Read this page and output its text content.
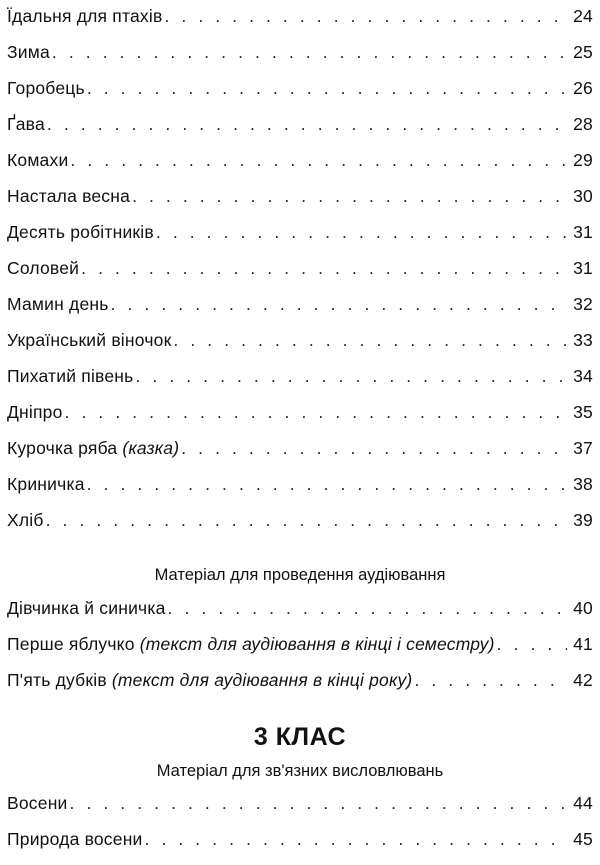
Їдальня для птахів . . .	24
Зима . . .	25
Горобець . . .	26
Ґава . . .	28
Комахи . . .	29
Настала весна . . .	30
Десять робітників . . .	31
Соловей . . .	31
Мамин день . . .	32
Український віночок . . .	33
Пихатий півень . . .	34
Дніпро . . .	35
Курочка ряба (казка) . . .	37
Криничка . . .	38
Хліб . . .	39
Матеріал для проведення аудіювання
Дівчинка й синичка . . .	40
Перше яблучко (текст для аудіювання в кінці і семестру) . . .	41
П'ять дубків (текст для аудіювання в кінці року) . . .	42
3 КЛАС
Матеріал для зв'язних висловлювань
Восени . . .	44
Природа восени . . .	45
